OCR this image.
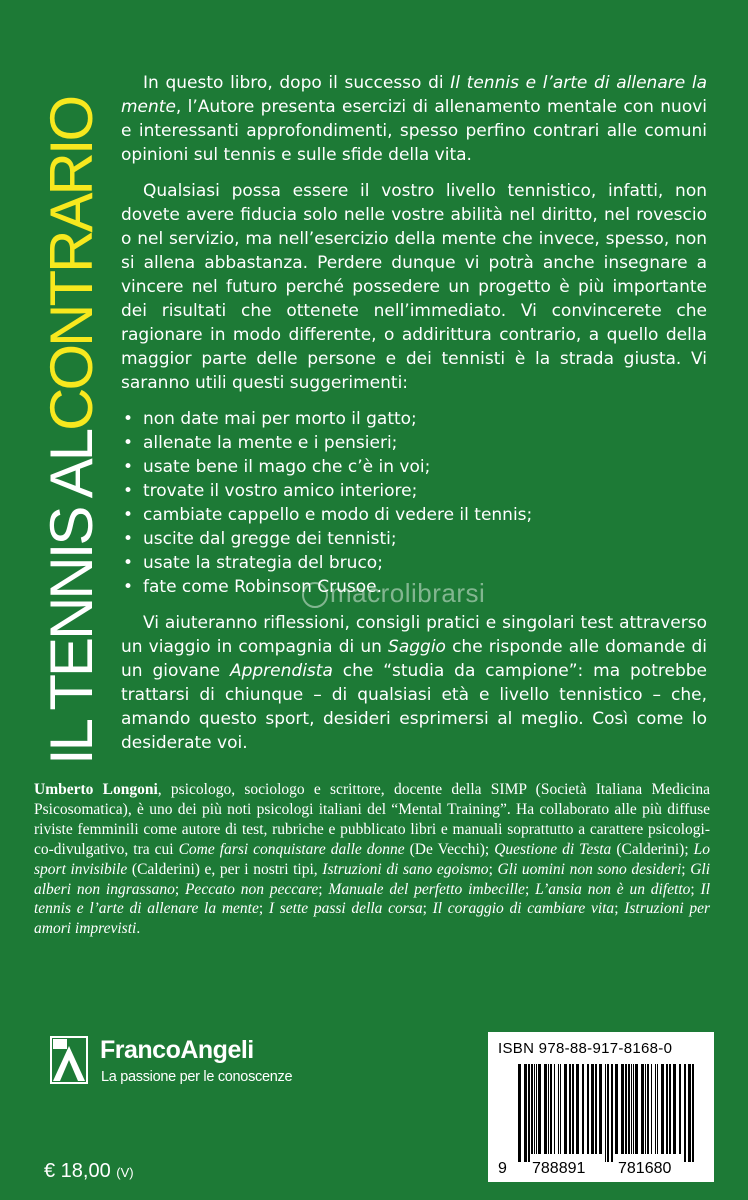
IL TENNIS ALCONTRARIO

In questo libro, dopo il successo di Il tennis e l’arte di allenare la mente, l’Autore presenta esercizi di allenamento mentale con nuovi e interessanti approfondimenti, spesso perfino contrari alle comuni opinioni sul tennis e sulle sfide della vita.

Qualsiasi possa essere il vostro livello tennistico, infatti, non dovete avere fiducia solo nelle vostre abilità nel diritto, nel rovescio o nel servizio, ma nell’esercizio della mente che invece, spesso, non si allena abbastanza. Perdere dunque vi potrà anche insegnare a vincere nel futuro perché possedere un progetto è più importante dei risultati che ottenete nell’immediato. Vi convincerete che ragionare in modo differente, o addirittura contrario, a quello della maggior parte delle persone e dei tennisti è la strada giusta. Vi saranno utili questi suggerimenti:

• non date mai per morto il gatto;
• allenate la mente e i pensieri;
• usate bene il mago che c’è in voi;
• trovate il vostro amico interiore;
• cambiate cappello e modo di vedere il tennis;
• uscite dal gregge dei tennisti;
• usate la strategia del bruco;
• fate come Robinson Crusoe.

Vi aiuteranno riflessioni, consigli pratici e singolari test attraverso un viaggio in compagnia di un Saggio che risponde alle domande di un giovane Apprendista che “studia da campione”: ma potrebbe trattarsi di chiunque – di qualsiasi età e livello tennistico – che, amando questo sport, desideri esprimersi al meglio. Così come lo desiderate voi.

macrolibrarsi
Umberto Longoni, psicologo, sociologo e scrittore, docente della SIMP (Società Italiana Medicina Psicosomatica), è uno dei più noti psicologi italiani del “Mental Training”. Ha collaborato alle più diffuse riviste femminili come autore di test, rubriche e pubblicato libri e manuali soprattutto a carattere psicologico-divulgativo, tra cui Come farsi conquistare dalle donne (De Vecchi); Questione di Testa (Calderini); Lo sport invisibile (Calderini) e, per i nostri tipi, Istruzioni di sano egoismo; Gli uomini non sono desideri; Gli alberi non ingrassano; Peccato non peccare; Manuale del perfetto imbecille; L’ansia non è un difetto; Il tennis e l’arte di allenare la mente; I sette passi della corsa; Il coraggio di cambiare vita; Istruzioni per amori imprevisti.
FrancoAngeli
La passione per le conoscenze
€ 18,00 (V)
ISBN 978-88-917-8168-0
9 788891 781680
